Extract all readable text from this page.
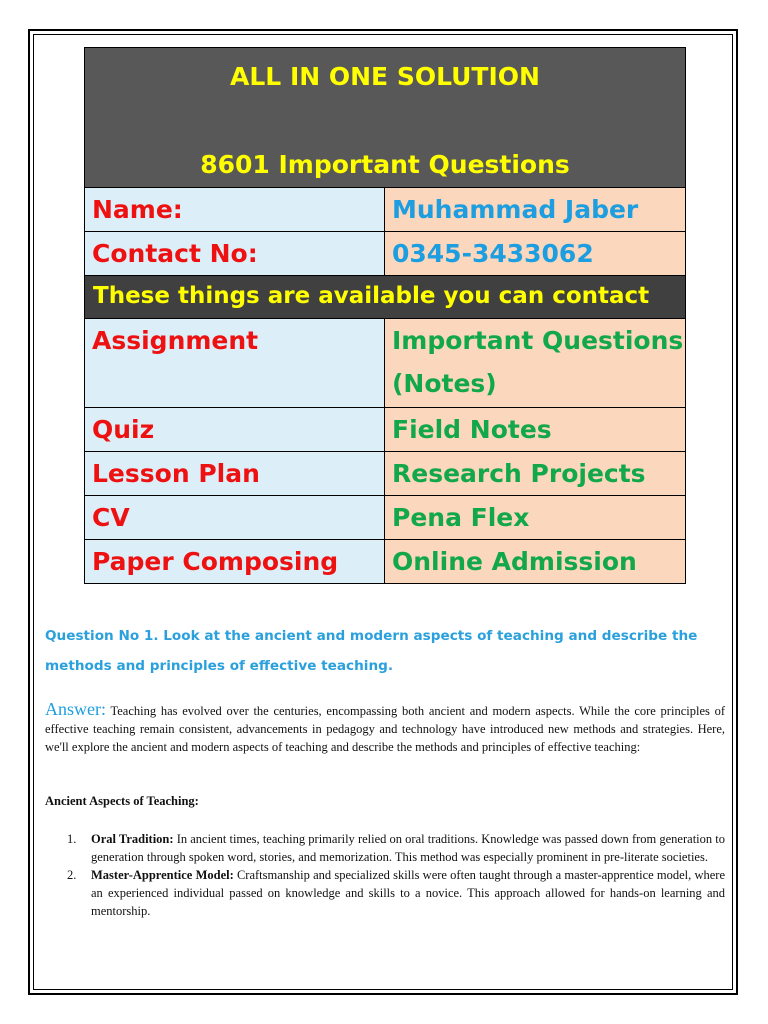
ALL IN ONE SOLUTION
8601 Important Questions	

Name:	Muhammad Jaber
Contact No:	0345-3433062
These things are available you can contact	
Assignment	Important Questions (Notes)
Quiz	Field Notes
Lesson Plan	Research Projects
CV	Pena Flex
Paper Composing	Online Admission
Question No 1. Look at the ancient and modern aspects of teaching and describe the methods and principles of effective teaching.
Answer: Teaching has evolved over the centuries, encompassing both ancient and modern aspects. While the core principles of effective teaching remain consistent, advancements in pedagogy and technology have introduced new methods and strategies. Here, we'll explore the ancient and modern aspects of teaching and describe the methods and principles of effective teaching:
Ancient Aspects of Teaching:
1. Oral Tradition: In ancient times, teaching primarily relied on oral traditions. Knowledge was passed down from generation to generation through spoken word, stories, and memorization. This method was especially prominent in pre-literate societies.
2. Master-Apprentice Model: Craftsmanship and specialized skills were often taught through a master-apprentice model, where an experienced individual passed on knowledge and skills to a novice. This approach allowed for hands-on learning and mentorship.
